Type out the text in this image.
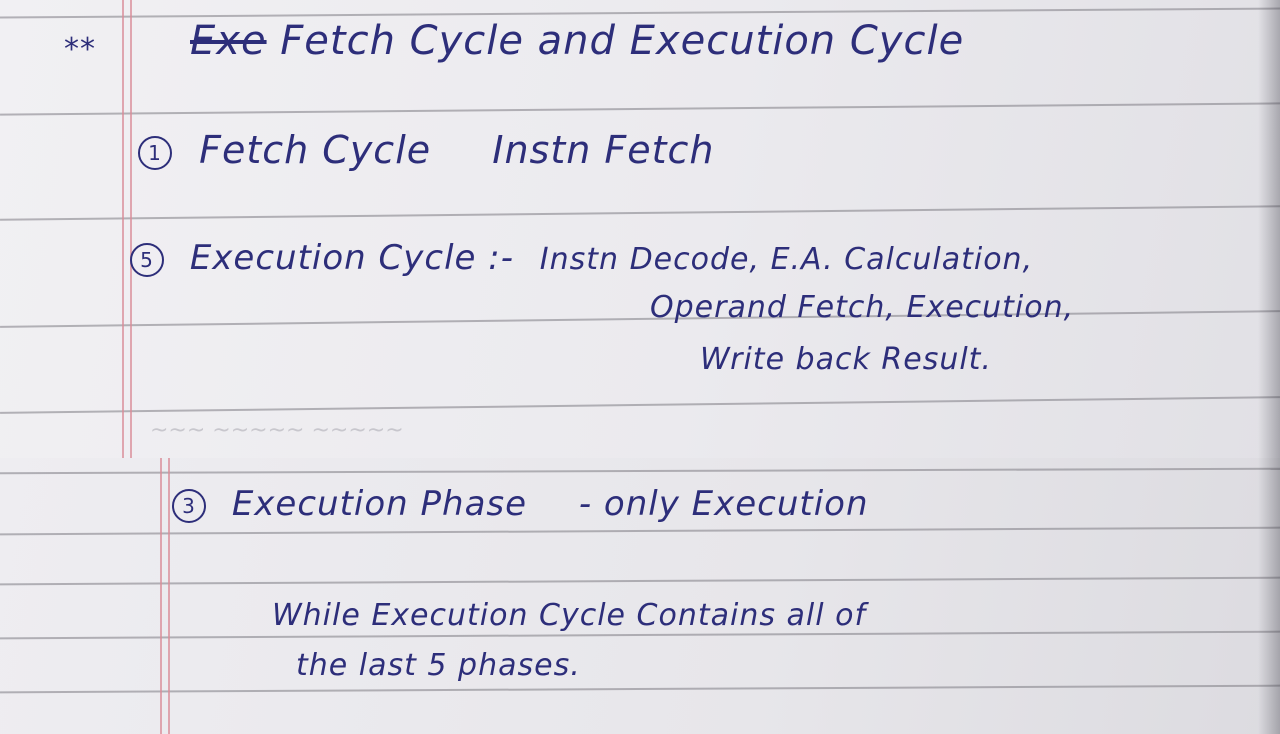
** Exe Fetch Cycle and Execution Cycle
1 Fetch Cycle Instn Fetch
5 Execution Cycle :- Instn Decode, E.A. Calculation,
Operand Fetch, Execution,
Write back Result.
~~~ ~~~~~ ~~~~~
3 Execution Phase - only Execution
While Execution Cycle Contains all of
the last 5 phases.
